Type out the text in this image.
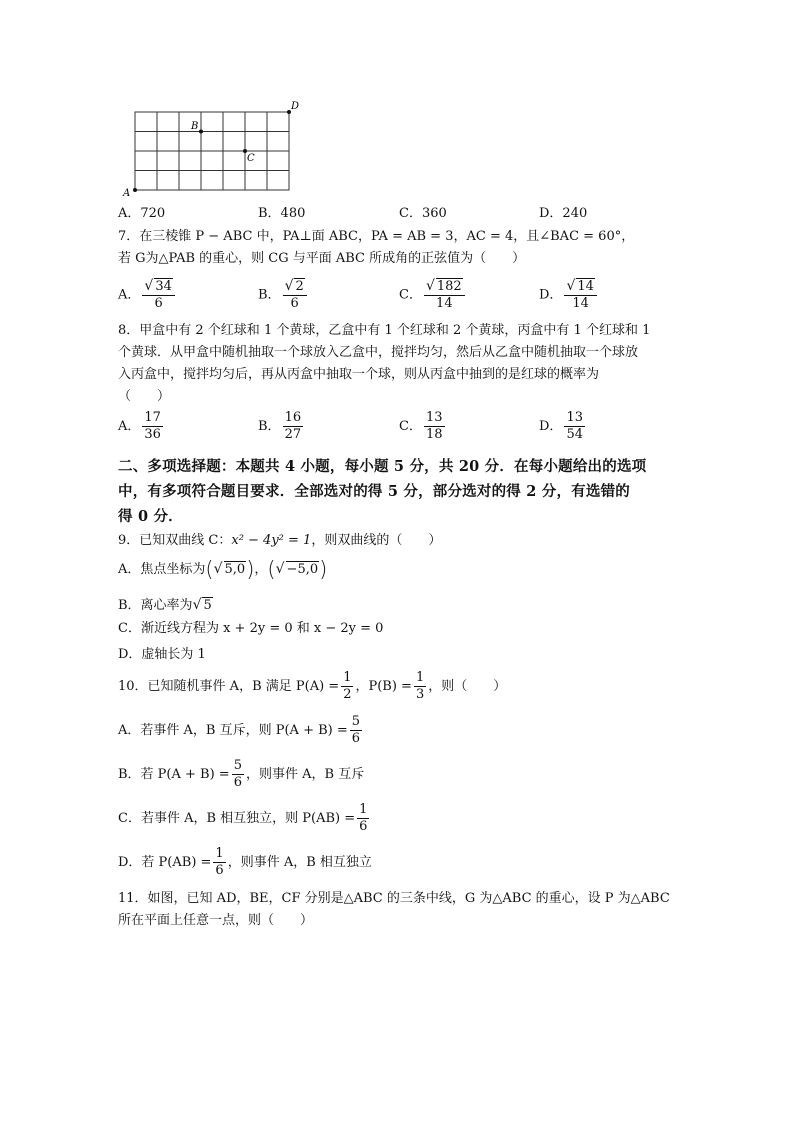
A
B
C
D
A．720	B．480	C．360	D．240
7．在三棱锥 P − ABC 中，PA⊥面 ABC，PA = AB = 3，AC = 4，且∠BAC = 60°，
若 G为△PAB 的重心，则 CG 与平面 ABC 所成角的正弦值为（　　）
A． $\frac{√ 34}{6}$	B． $\frac{√ 2}{6}$	C． $\frac{√ 182}{14}$	D． $\frac{√ 14}{14}$
8．甲盒中有 2 个红球和 1 个黄球，乙盒中有 1 个红球和 2 个黄球，丙盒中有 1 个红球和 1
个黄球．从甲盒中随机抽取一个球放入乙盒中，搅拌均匀，然后从乙盒中随机抽取一个球放
入丙盒中，搅拌均匀后，再从丙盒中抽取一个球，则从丙盒中抽到的是红球的概率为
（　　）
A． $\frac{17}{36}$	B． $\frac{16}{27}$	C． $\frac{13}{18}$	D． $\frac{13}{54}$
二、多项选择题：本题共 4 小题，每小题 5 分，共 20 分．在每小题给出的选项
中，有多项符合题目要求．全部选对的得 5 分，部分选对的得 2 分，有选错的
得 0 分．
9．已知双曲线 C：x² − 4y² = 1，则双曲线的（　　）
A．焦点坐标为(√ 5,0)，(√ −5,0)
B．离心率为√ 5
C．渐近线方程为 x + 2y = 0 和 x − 2y = 0
D．虚轴长为 1
10．已知随机事件 A，B 满足 $P(A) = \frac{1}{2}$ ，$P(B) = \frac{1}{3}$ ，则（　　）
A．若事件 A，B 互斥，则 $P(A + B) = \frac{5}{6}$
B．若 $P(A + B) = \frac{5}{6}$ ，则事件 A，B 互斥
C．若事件 A，B 相互独立，则 $P(AB) = \frac{1}{6}$
D．若 $P(AB) = \frac{1}{6}$ ，则事件 A，B 相互独立
11．如图，已知 AD，BE，CF 分别是△ABC 的三条中线，G 为△ABC 的重心，设 P 为△ABC
所在平面上任意一点，则（　　）
